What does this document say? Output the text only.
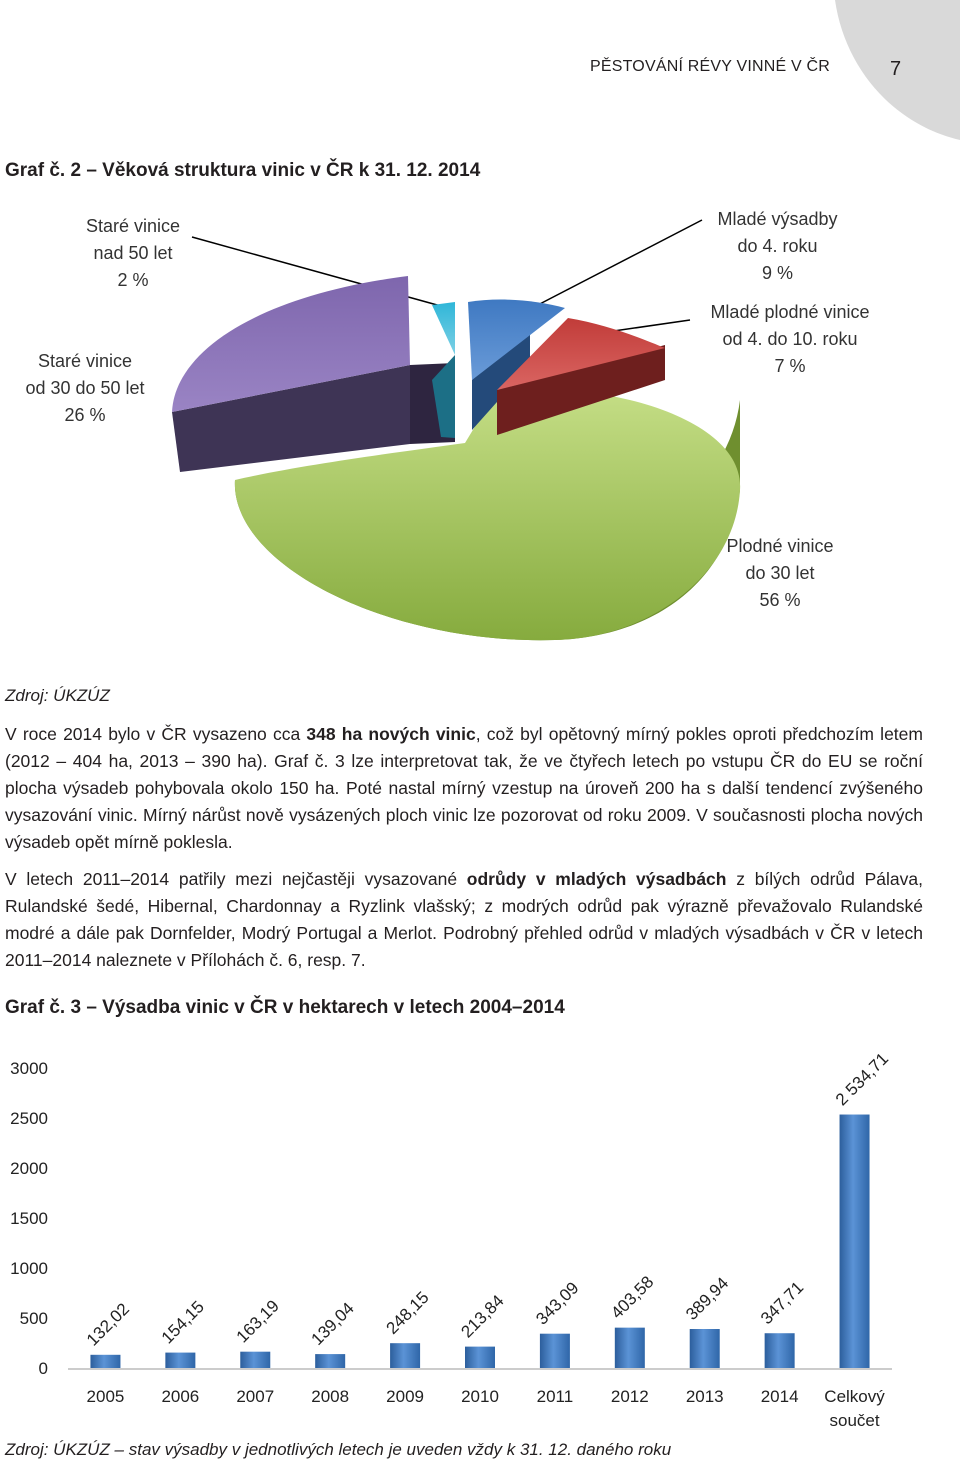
PĚSTOVÁNÍ RÉVY VINNÉ V ČR	7
Graf č. 2 – Věková struktura vinic v ČR k 31. 12. 2014
Staré vinice
nad 50 let
2 %
Staré vinice
od 30 do 50 let
26 %
Mladé výsadby
do 4. roku
9 %
Mladé plodné vinice
od 4. do 10. roku
7 %
Plodné vinice
do 30 let
56 %
Zdroj: ÚKZÚZ

V roce 2014 bylo v ČR vysazeno cca 348 ha nových vinic, což byl opětovný mírný pokles oproti předchozím letem (2012 – 404 ha, 2013 – 390 ha). Graf č. 3 lze interpretovat tak, že ve čtyřech letech po vstupu ČR do EU se roční plocha výsadeb pohybovala okolo 150 ha. Poté nastal mírný vzestup na úroveň 200 ha s další tendencí zvýšeného vysazování vinic. Mírný nárůst nově vysázených ploch vinic lze pozorovat od roku 2009. V současnosti plocha nových výsadeb opět mírně poklesla.

V letech 2011–2014 patřily mezi nejčastěji vysazované odrůdy v mladých výsadbách z bílých odrůd Pálava, Rulandské šedé, Hibernal, Chardonnay a Ryzlink vlašský; z modrých odrůd pak výrazně převažovalo Rulandské modré a dále pak Dornfelder, Modrý Portugal a Merlot. Podrobný přehled odrůd v mladých výsadbách v ČR v letech 2011–2014 naleznete v Přílohách č. 6, resp. 7.

Graf č. 3 – Výsadba vinic v ČR v hektarech v letech 2004–2014
0
500
1000
1500
2000
2500
3000
132,02
2005
154,15
2006
163,19
2007
139,04
2008
248,15
2009
213,84
2010
343,09
2011
403,58
2012
389,94
2013
347,71
2014
2 534,71
Celkový
součet
Zdroj: ÚKZÚZ – stav výsadby v jednotlivých letech je uveden vždy k 31. 12. daného roku
